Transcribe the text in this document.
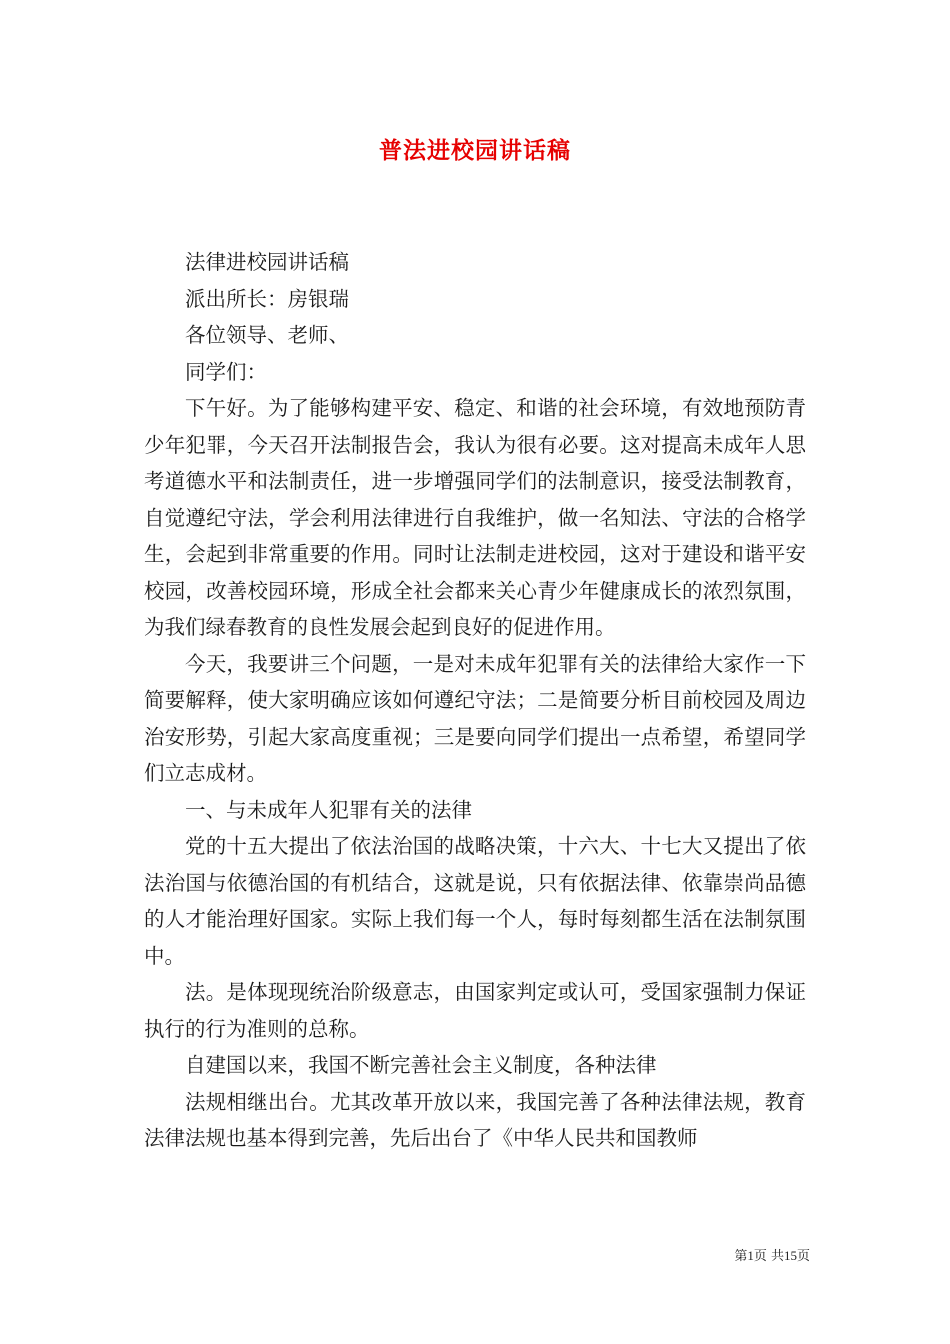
普法进校园讲话稿

法律进校园讲话稿

派出所长：房银瑞

各位领导、老师、

同学们：

下午好。为了能够构建平安、稳定、和谐的社会环境，有效地预防青少年犯罪，今天召开法制报告会，我认为很有必要。这对提高未成年人思考道德水平和法制责任，进一步增强同学们的法制意识，接受法制教育，自觉遵纪守法，学会利用法律进行自我维护，做一名知法、守法的合格学生，会起到非常重要的作用。同时让法制走进校园，这对于建设和谐平安校园，改善校园环境，形成全社会都来关心青少年健康成长的浓烈氛围，为我们绿春教育的良性发展会起到良好的促进作用。

今天，我要讲三个问题，一是对未成年犯罪有关的法律给大家作一下简要解释，使大家明确应该如何遵纪守法；二是简要分析目前校园及周边治安形势，引起大家高度重视；三是要向同学们提出一点希望，希望同学们立志成材。

一、与未成年人犯罪有关的法律

党的十五大提出了依法治国的战略决策，十六大、十七大又提出了依法治国与依德治国的有机结合，这就是说，只有依据法律、依靠崇尚品德的人才能治理好国家。实际上我们每一个人，每时每刻都生活在法制氛围中。

法。是体现现统治阶级意志，由国家判定或认可，受国家强制力保证执行的行为准则的总称。

自建国以来，我国不断完善社会主义制度，各种法律

法规相继出台。尤其改革开放以来，我国完善了各种法律法规，教育法律法规也基本得到完善，先后出台了《中华人民共和国教师

第1页 共15页
